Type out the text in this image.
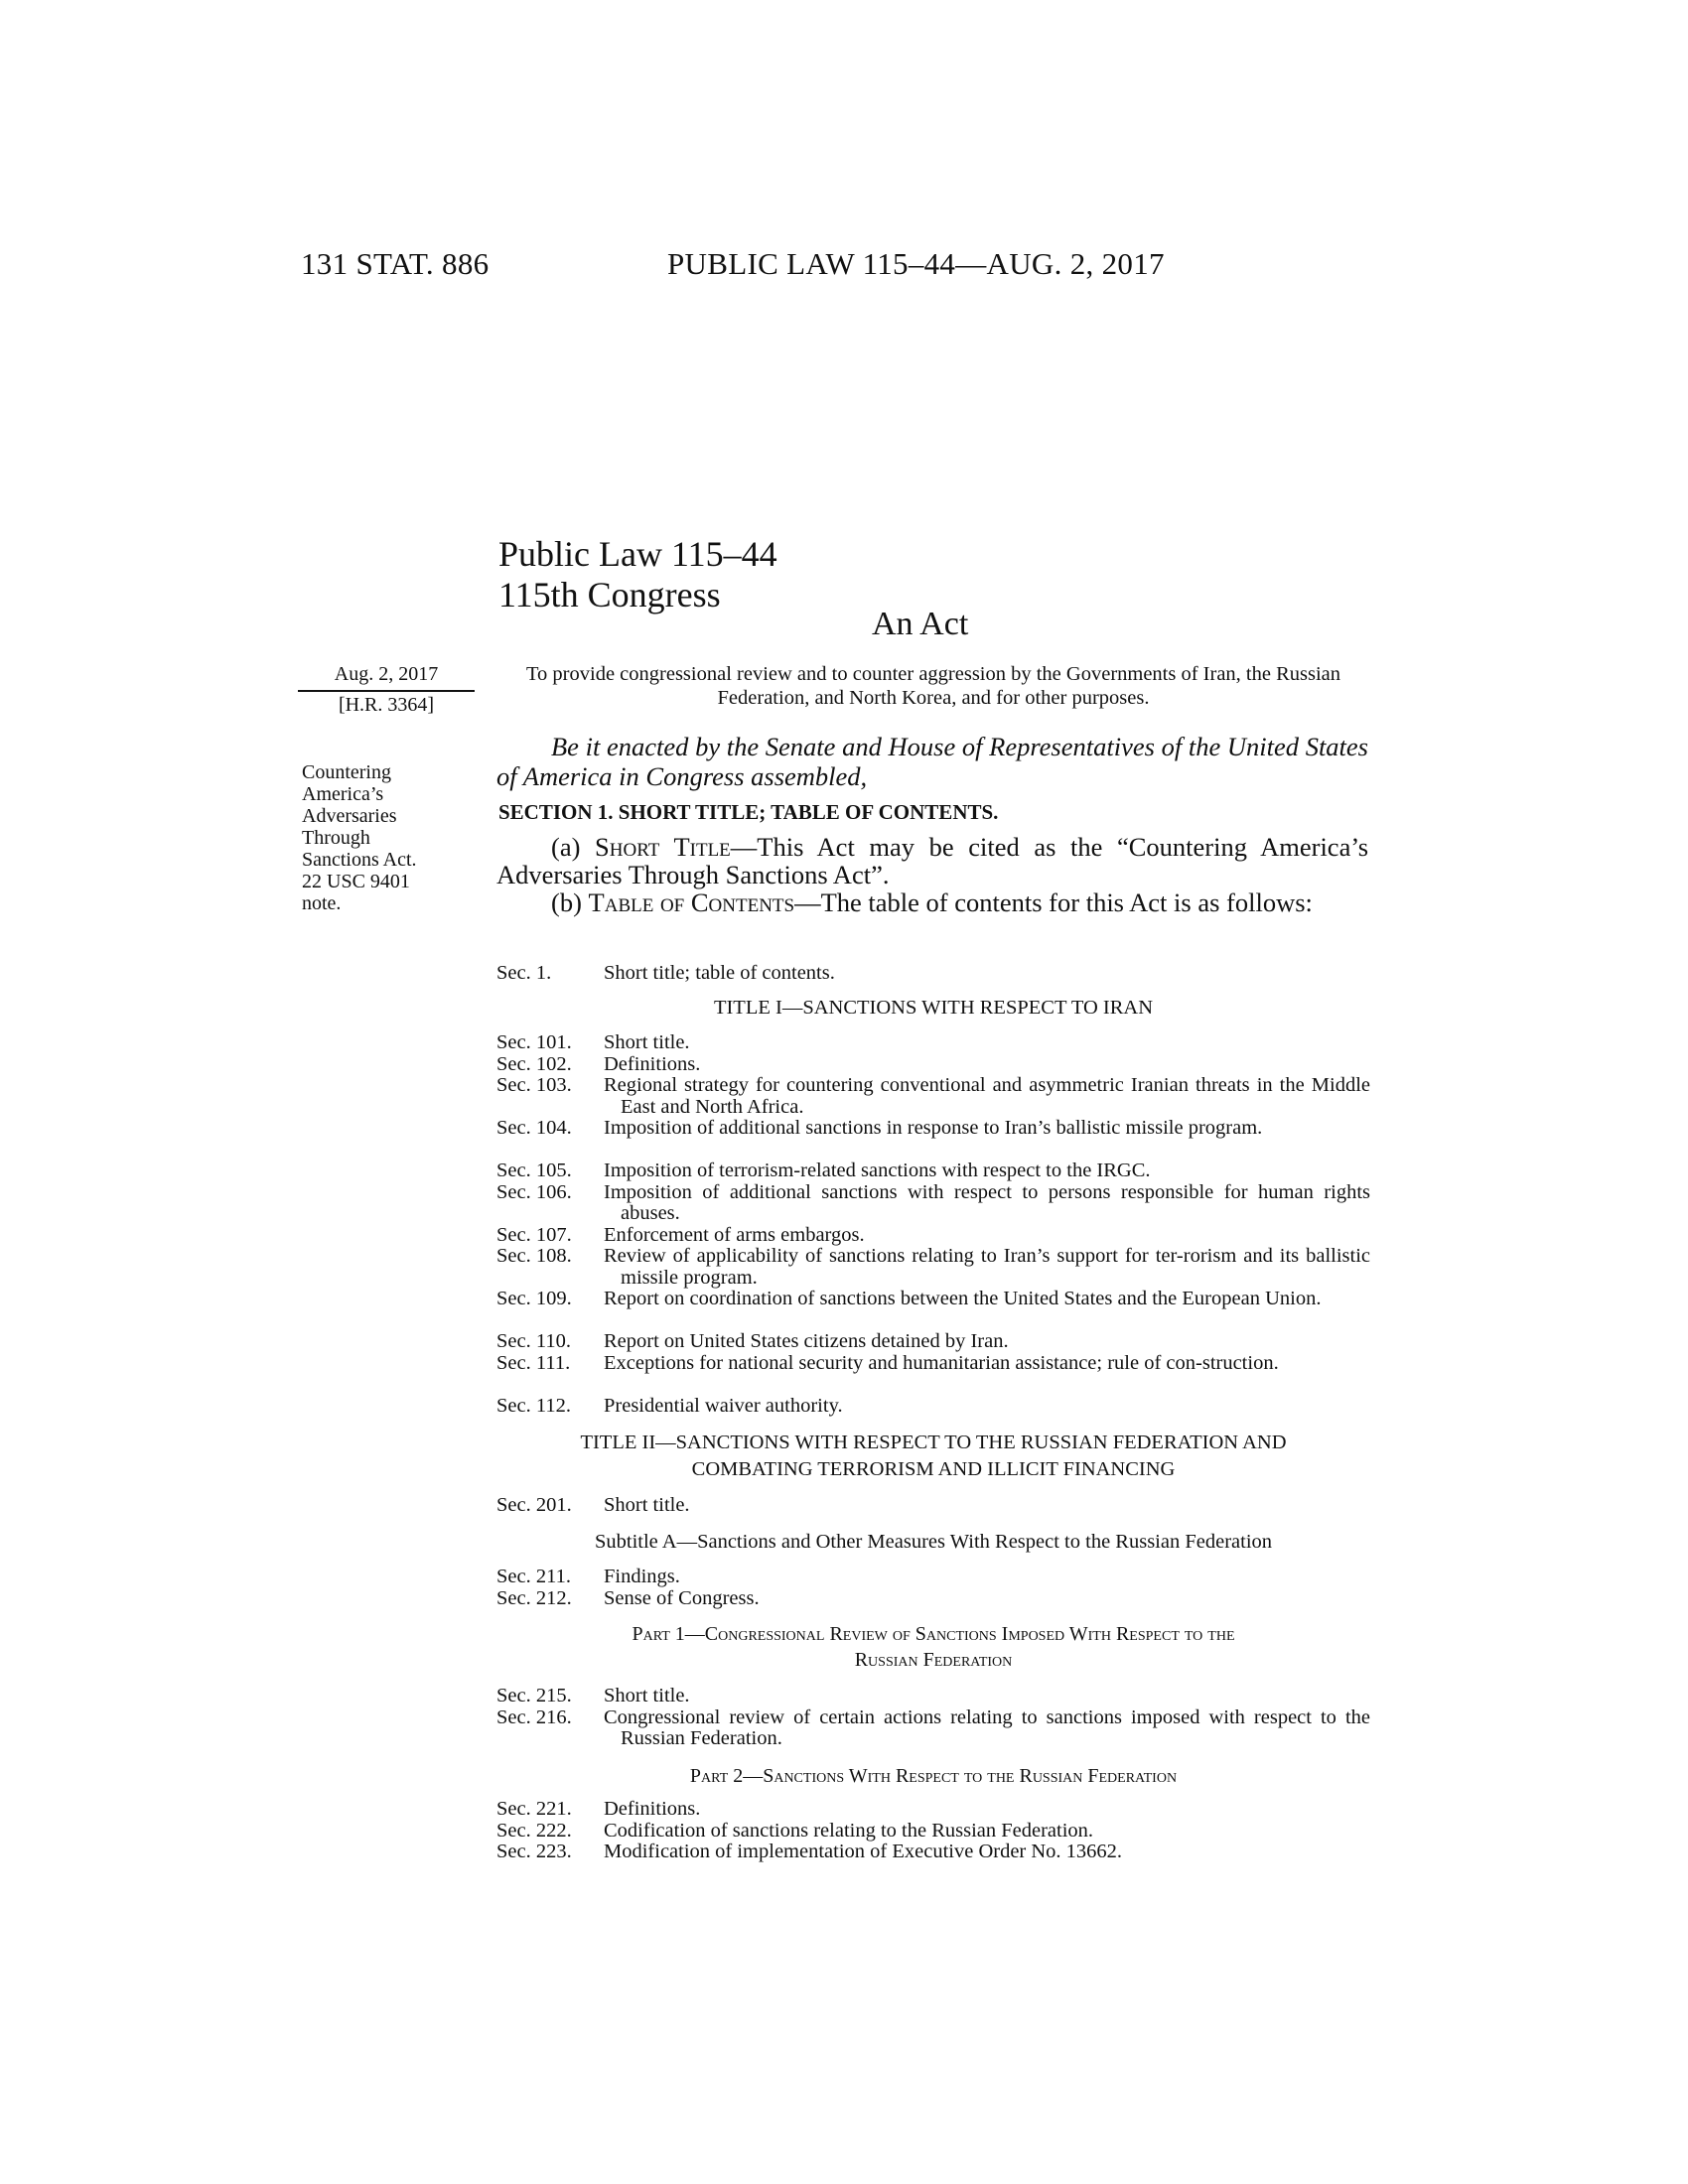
131 STAT. 886	PUBLIC LAW 115–44—AUG. 2, 2017
Public Law 115–44
115th Congress
An Act
Aug. 2, 2017
[H.R. 3364]
Countering
America’s
Adversaries
Through
Sanctions Act.
22 USC 9401
note.
To provide congressional review and to counter aggression by the Governments of Iran, the Russian Federation, and North Korea, and for other purposes.
Be it enacted by the Senate and House of Representatives of the United States of America in Congress assembled,
SECTION 1. SHORT TITLE; TABLE OF CONTENTS.
(a) Short Title—This Act may be cited as the “Countering America’s Adversaries Through Sanctions Act”.
(b) Table of Contents—The table of contents for this Act is as follows:
Sec. 1.	Short title; table of contents.
TITLE I—SANCTIONS WITH RESPECT TO IRAN
Sec. 101.	Short title.
Sec. 102.	Definitions.
Sec. 103.	Regional strategy for countering conventional and asymmetric Iranian threats in the Middle East and North Africa.
Sec. 104.	Imposition of additional sanctions in response to Iran’s ballistic missile program.
Sec. 105.	Imposition of terrorism-related sanctions with respect to the IRGC.
Sec. 106.	Imposition of additional sanctions with respect to persons responsible for human rights abuses.
Sec. 107.	Enforcement of arms embargos.
Sec. 108.	Review of applicability of sanctions relating to Iran’s support for ter-rorism and its ballistic missile program.
Sec. 109.	Report on coordination of sanctions between the United States and the European Union.
Sec. 110.	Report on United States citizens detained by Iran.
Sec. 111.	Exceptions for national security and humanitarian assistance; rule of con-struction.
Sec. 112.	Presidential waiver authority.
TITLE II—SANCTIONS WITH RESPECT TO THE RUSSIAN FEDERATION AND
COMBATING TERRORISM AND ILLICIT FINANCING
Sec. 201.	Short title.
Subtitle A—Sanctions and Other Measures With Respect to the Russian Federation
Sec. 211.	Findings.
Sec. 212.	Sense of Congress.
Part 1—Congressional Review of Sanctions Imposed With Respect to the
Russian Federation
Sec. 215.	Short title.
Sec. 216.	Congressional review of certain actions relating to sanctions imposed with respect to the Russian Federation.
Part 2—Sanctions With Respect to the Russian Federation
Sec. 221.	Definitions.
Sec. 222.	Codification of sanctions relating to the Russian Federation.
Sec. 223.	Modification of implementation of Executive Order No. 13662.
